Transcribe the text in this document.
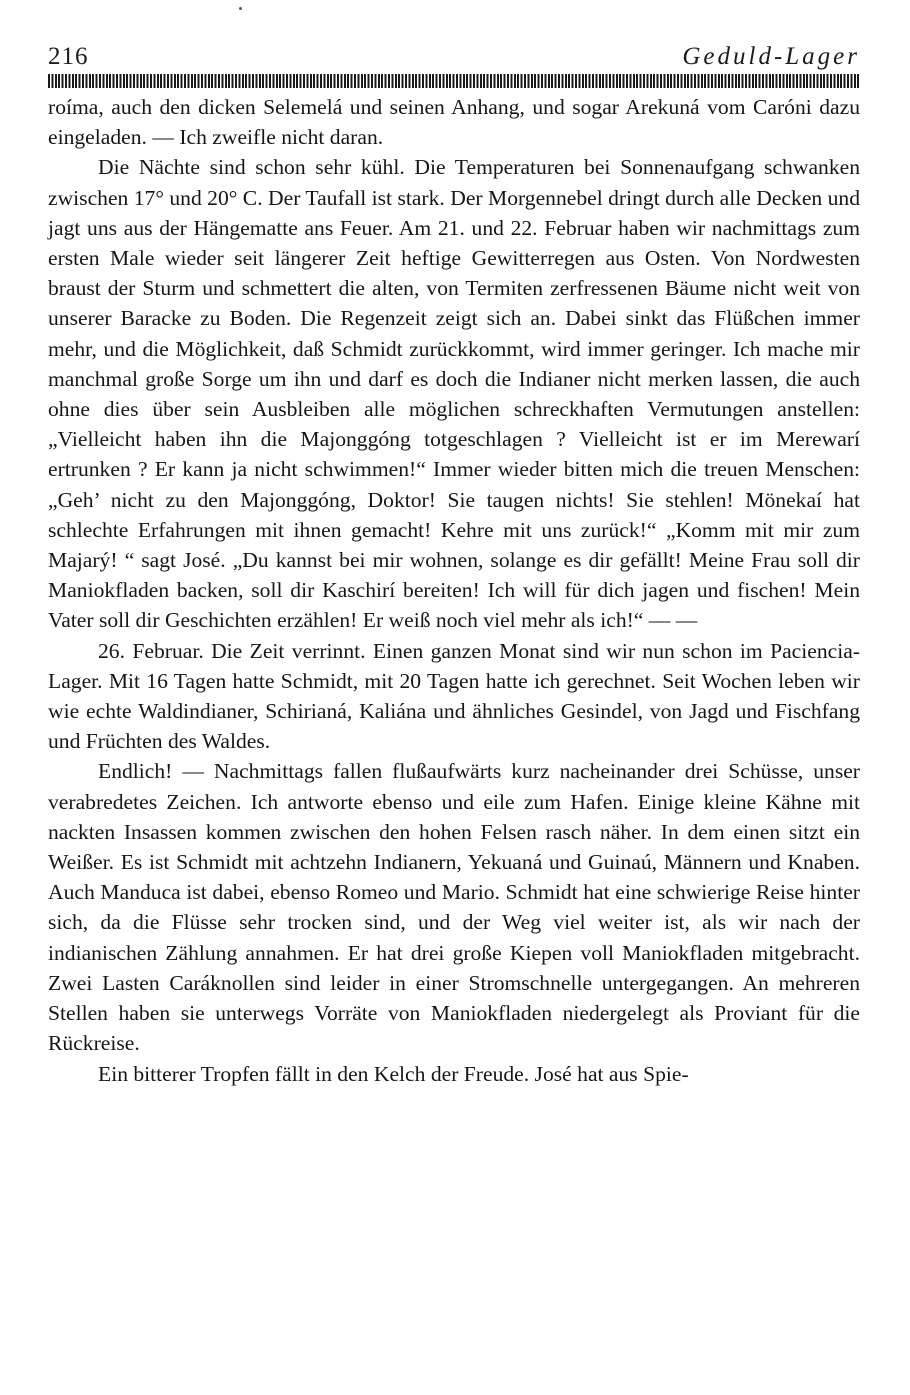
216	Geduld-Lager

roíma, auch den dicken Selemelá und seinen Anhang, und sogar Arekuná vom Caróni dazu eingeladen. — Ich zweifle nicht daran.

Die Nächte sind schon sehr kühl. Die Temperaturen bei Sonnenaufgang schwanken zwischen 17° und 20° C. Der Taufall ist stark. Der Morgennebel dringt durch alle Decken und jagt uns aus der Hängematte ans Feuer. Am 21. und 22. Februar haben wir nachmittags zum ersten Male wieder seit längerer Zeit heftige Gewitterregen aus Osten. Von Nordwesten braust der Sturm und schmettert die alten, von Termiten zerfressenen Bäume nicht weit von unserer Baracke zu Boden. Die Regenzeit zeigt sich an. Dabei sinkt das Flüßchen immer mehr, und die Möglichkeit, daß Schmidt zurückkommt, wird immer geringer. Ich mache mir manchmal große Sorge um ihn und darf es doch die Indianer nicht merken lassen, die auch ohne dies über sein Ausbleiben alle möglichen schreckhaften Vermutungen anstellen: „Vielleicht haben ihn die Majonggóng totgeschlagen ? Vielleicht ist er im Merewarí ertrunken ? Er kann ja nicht schwimmen!“ Immer wieder bitten mich die treuen Menschen: „Geh’ nicht zu den Majonggóng, Doktor! Sie taugen nichts! Sie stehlen! Mönekaí hat schlechte Erfahrungen mit ihnen gemacht! Kehre mit uns zurück!“ „Komm mit mir zum Majarý! “ sagt José. „Du kannst bei mir wohnen, solange es dir gefällt! Meine Frau soll dir Maniokfladen backen, soll dir Kaschirí bereiten! Ich will für dich jagen und fischen! Mein Vater soll dir Geschichten erzählen! Er weiß noch viel mehr als ich!“ — —

26. Februar. Die Zeit verrinnt. Einen ganzen Monat sind wir nun schon im Paciencia-Lager. Mit 16 Tagen hatte Schmidt, mit 20 Tagen hatte ich gerechnet. Seit Wochen leben wir wie echte Waldindianer, Schirianá, Kaliána und ähnliches Gesindel, von Jagd und Fischfang und Früchten des Waldes.

Endlich! — Nachmittags fallen flußaufwärts kurz nacheinander drei Schüsse, unser verabredetes Zeichen. Ich antworte ebenso und eile zum Hafen. Einige kleine Kähne mit nackten Insassen kommen zwischen den hohen Felsen rasch näher. In dem einen sitzt ein Weißer. Es ist Schmidt mit achtzehn Indianern, Yekuaná und Guinaú, Männern und Knaben. Auch Manduca ist dabei, ebenso Romeo und Mario. Schmidt hat eine schwierige Reise hinter sich, da die Flüsse sehr trocken sind, und der Weg viel weiter ist, als wir nach der indianischen Zählung annahmen. Er hat drei große Kiepen voll Maniokfladen mitgebracht. Zwei Lasten Caráknollen sind leider in einer Stromschnelle untergegangen. An mehreren Stellen haben sie unterwegs Vorräte von Maniokfladen niedergelegt als Proviant für die Rückreise.

Ein bitterer Tropfen fällt in den Kelch der Freude. José hat aus Spie-
